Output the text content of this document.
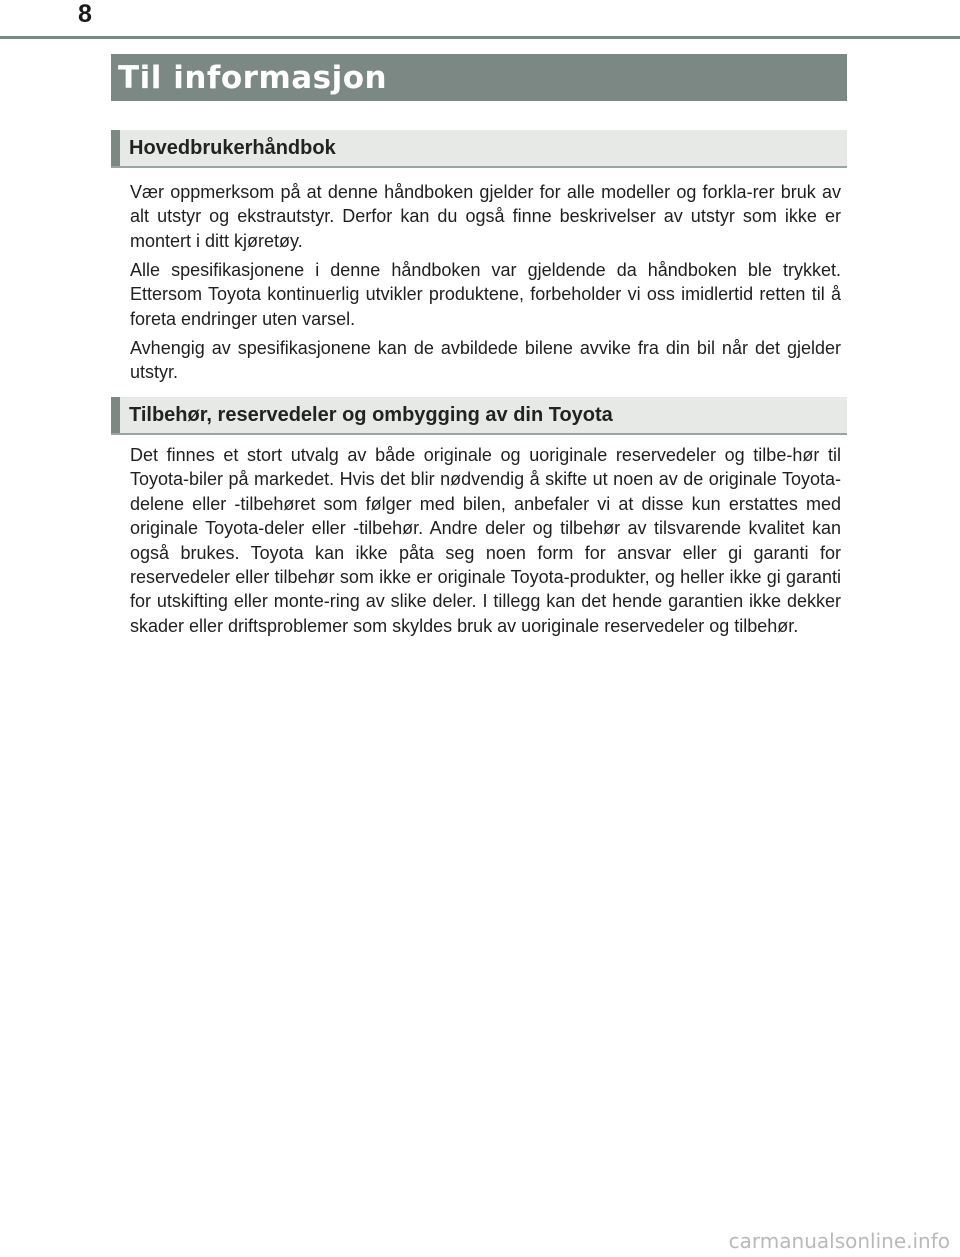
8
Til informasjon
Hovedbrukerhåndbok

Vær oppmerksom på at denne håndboken gjelder for alle modeller og forkla-rer bruk av alt utstyr og ekstrautstyr. Derfor kan du også finne beskrivelser av utstyr som ikke er montert i ditt kjøretøy.

Alle spesifikasjonene i denne håndboken var gjeldende da håndboken ble trykket. Ettersom Toyota kontinuerlig utvikler produktene, forbeholder vi oss imidlertid retten til å foreta endringer uten varsel.

Avhengig av spesifikasjonene kan de avbildede bilene avvike fra din bil når det gjelder utstyr.

Tilbehør, reservedeler og ombygging av din Toyota

Det finnes et stort utvalg av både originale og uoriginale reservedeler og tilbe-hør til Toyota-biler på markedet. Hvis det blir nødvendig å skifte ut noen av de originale Toyota-delene eller -tilbehøret som følger med bilen, anbefaler vi at disse kun erstattes med originale Toyota-deler eller -tilbehør. Andre deler og tilbehør av tilsvarende kvalitet kan også brukes. Toyota kan ikke påta seg noen form for ansvar eller gi garanti for reservedeler eller tilbehør som ikke er originale Toyota-produkter, og heller ikke gi garanti for utskifting eller monte-ring av slike deler. I tillegg kan det hende garantien ikke dekker skader eller driftsproblemer som skyldes bruk av uoriginale reservedeler og tilbehør.

carmanualsonline.info
